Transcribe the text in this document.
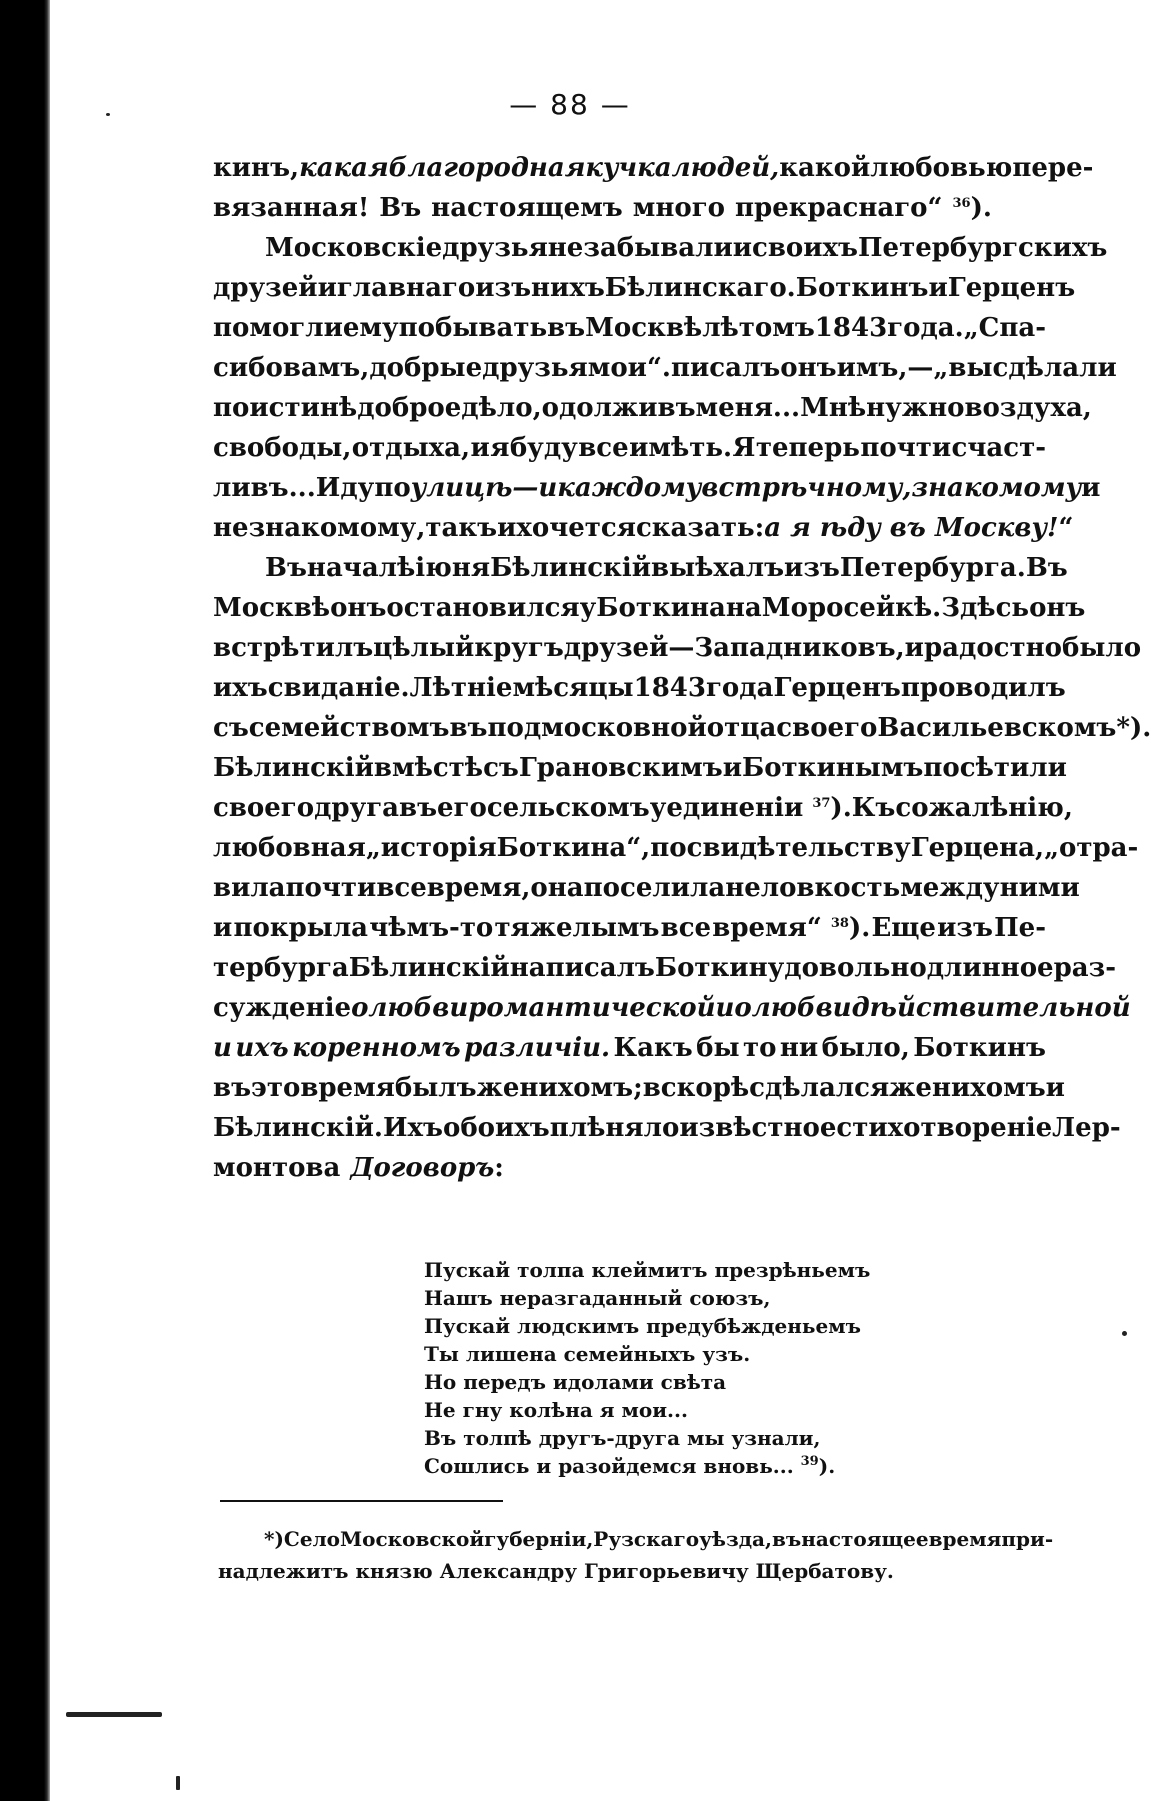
— 88 —
кинъ, какая благородная кучка людей, какой любовью пере-
вязанная! Въ настоящемъ много прекраснаго“ $^{36}$).
Московскіе друзья не забывали и своихъ Петербургскихъ
друзей и главнаго изъ нихъ Бѣлинскаго. Боткинъ и Герценъ
помогли ему побывать въ Москвѣ лѣтомъ 1843 года. „Спа-
сибо вамъ, добрые друзья мои“. писалъ онъ имъ,—„вы сдѣлали
по истинѣ доброе дѣло, одолживъ меня... Мнѣ нужно воздуха,
свободы, отдыха, и я буду все имѣть. Я теперь почти счаст-
ливъ... Иду по улицѣ—и каждому встрѣчному, знакомому и
незнакомому, такъ и хочется сказать: а я ѣду въ Москву!“
Въ началѣ іюня Бѣлинскій выѣхалъ изъ Петербурга. Въ
Москвѣ онъ остановился у Боткина на Моросейкѣ. Здѣсь онъ
встрѣтилъ цѣлый кругъ друзей—Западниковъ, и радостно было
ихъ свиданіе. Лѣтніе мѣсяцы 1843 года Герценъ проводилъ
съ семействомъ въ подмосковной отца своего Васильевскомъ *).
Бѣлинскій вмѣстѣ съ Грановскимъ и Боткинымъ посѣтили
своего друга въ его сельскомъ уединеніи $^{37}$). Къ сожалѣнію,
любовная „исторія Боткина“, по свидѣтельству Герцена, „отра-
вила почти все время, она поселила неловкость между ними
и покрыла чѣмъ-то тяжелымъ все время“ $^{38}$). Еще изъ Пе-
тербурга Бѣлинскій написалъ Боткину довольно длинное раз-
сужденіе о любви романтической и о любви дѣйствительной
и ихъ коренномъ различіи. Какъ бы то ни было, Боткинъ
въ это время былъ женихомъ; вскорѣ сдѣлался женихомъ и
Бѣлинскій. Ихъ обоихъ плѣняло извѣстное стихотвореніе Лер-
монтова Договоръ:
Пускай толпа клеймитъ презрѣньемъ
Нашъ неразгаданный союзъ,
Пускай людскимъ предубѣжденьемъ
Ты лишена семейныхъ узъ.
Но передъ идолами свѣта
Не гну колѣна я мои...
Въ толпѣ другъ-друга мы узнали,
Сошлись и разойдемся вновь... $^{39}$).
*) Село Московской губерніи, Рузскаго уѣзда, въ настоящее время при-
надлежитъ князю Александру Григорьевичу Щербатову.
